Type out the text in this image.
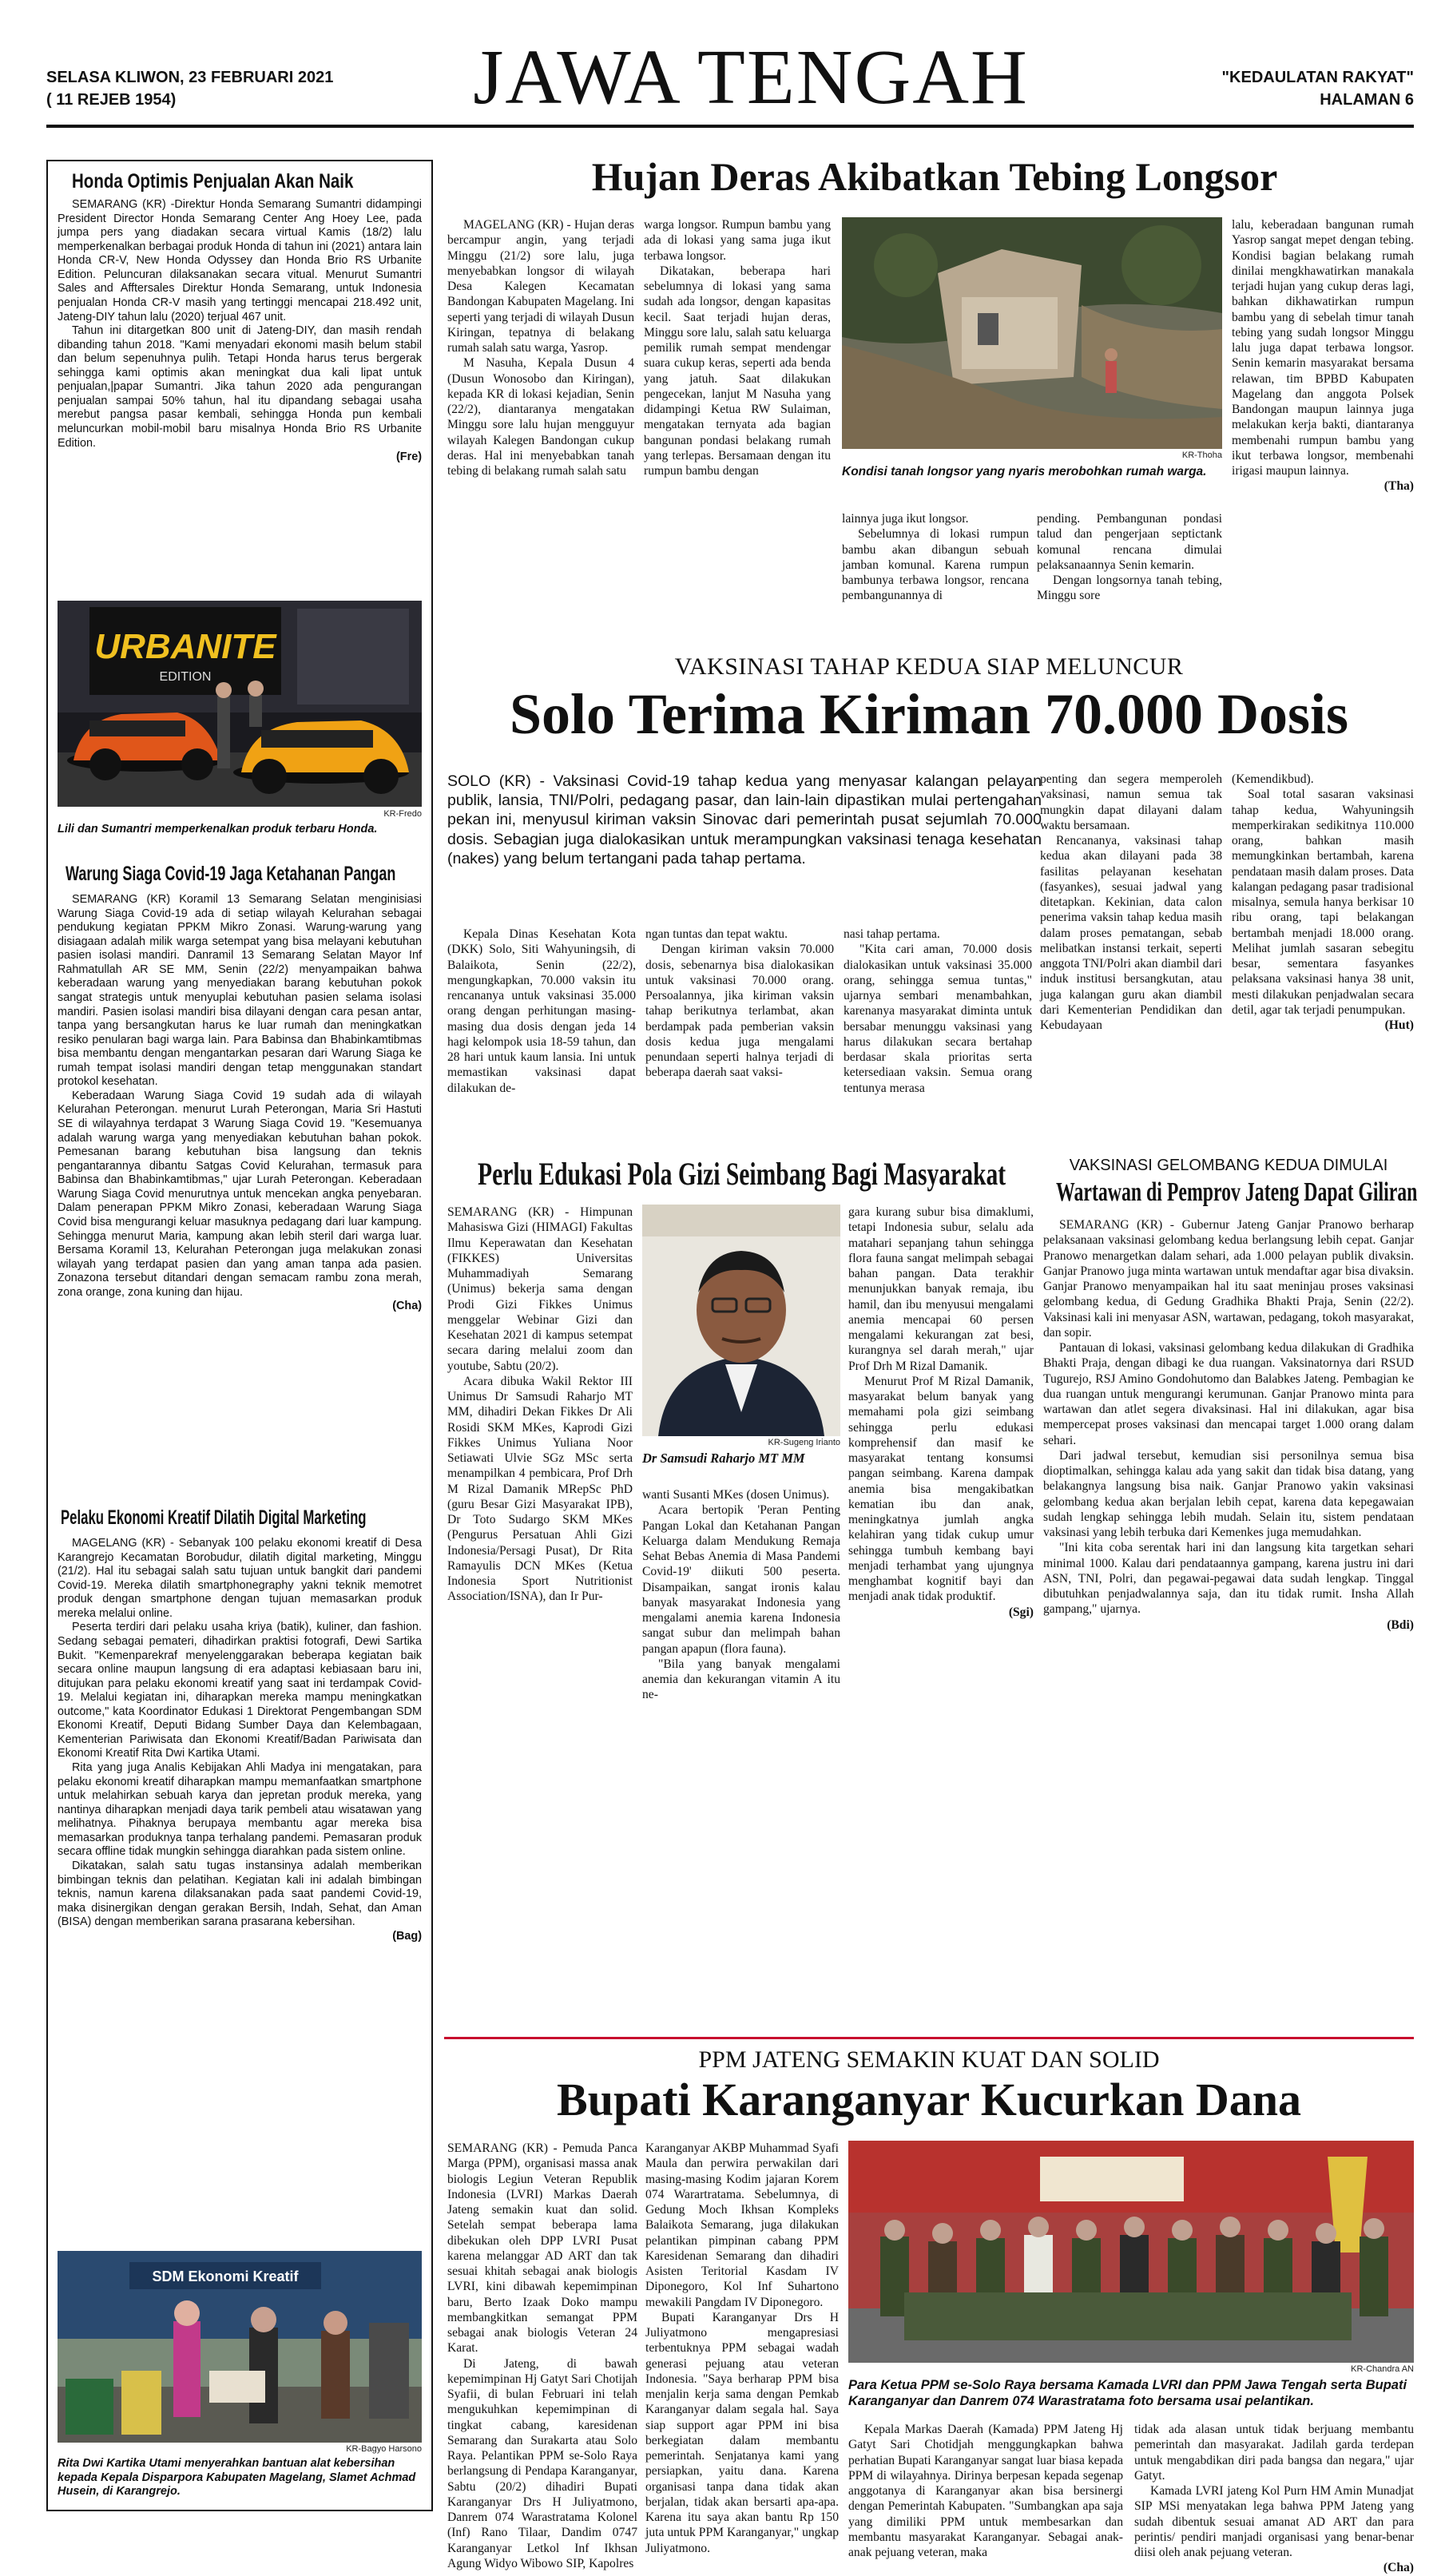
SELASA KLIWON, 23 FEBRUARI 2021
( 11 REJEB 1954)	JAWA TENGAH	"KEDAULATAN RAKYAT"
HALAMAN 6
Honda Optimis Penjualan Akan Naik

SEMARANG (KR) -Direktur Honda Semarang Sumantri didampingi President Director Honda Semarang Center Ang Hoey Lee, pada jumpa pers yang diadakan secara virtual Kamis (18/2) lalu memperkenalkan berbagai produk Honda di tahun ini (2021) antara lain Honda CR-V, New Honda Odyssey dan Honda Brio RS Urbanite Edition. Peluncuran dilaksanakan secara vitual. Menurut Sumantri Sales and Afftersales Direktur Honda Semarang, untuk Indonesia penjualan Honda CR-V masih yang tertinggi mencapai 218.492 unit, Jateng-DIY tahun lalu (2020) terjual 467 unit.

Tahun ini ditargetkan 800 unit di Jateng-DIY, dan masih rendah dibanding tahun 2018. "Kami menyadari ekonomi masih belum stabil dan belum sepenuhnya pulih. Tetapi Honda harus terus bergerak sehingga kami optimis akan meningkat dua kali lipat untuk penjualan,|papar Sumantri. Jika tahun 2020 ada pengurangan penjualan sampai 50% tahun, hal itu dipandang sebagai usaha merebut pangsa pasar kembali, sehingga Honda pun kembali meluncurkan mobil-mobil baru misalnya Honda Brio RS Urbanite Edition.

(Fre)
URBANITE
EDITION
KR-Fredo
Lili dan Sumantri memperkenalkan produk terbaru Honda.
Warung Siaga Covid-19 Jaga Ketahanan Pangan

SEMARANG (KR) Koramil 13 Semarang Selatan menginisiasi Warung Siaga Covid-19 ada di setiap wilayah Kelurahan sebagai pendukung kegiatan PPKM Mikro Zonasi. Warung-warung yang disiagaan adalah milik warga setempat yang bisa melayani kebutuhan pasien isolasi mandiri. Danramil 13 Semarang Selatan Mayor Inf Rahmatullah AR SE MM, Senin (22/2) menyampaikan bahwa keberadaan warung yang menyediakan barang kebutuhan pokok sangat strategis untuk menyuplai kebutuhan pasien selama isolasi mandiri. Pasien isolasi mandiri bisa dilayani dengan cara pesan antar, tanpa yang bersangkutan harus ke luar rumah dan meningkatkan resiko penularan bagi warga lain. Para Babinsa dan Bhabinkamtibmas bisa membantu dengan mengantarkan pesaran dari Warung Siaga ke rumah tempat isolasi mandiri dengan tetap menggunakan standart protokol kesehatan.

Keberadaan Warung Siaga Covid 19 sudah ada di wilayah Kelurahan Peterongan. menurut Lurah Peterongan, Maria Sri Hastuti SE di wilayahnya terdapat 3 Warung Siaga Covid 19. "Kesemuanya adalah warung warga yang menyediakan kebutuhan bahan pokok. Pemesanan barang kebutuhan bisa langsung dan teknis pengantarannya dibantu Satgas Covid Kelurahan, termasuk para Babinsa dan Bhabinkamtibmas," ujar Lurah Peterongan. Keberadaan Warung Siaga Covid menurutnya untuk mencekan angka penyebaran. Dalam penerapan PPKM Mikro Zonasi, keberadaan Warung Siaga Covid bisa mengurangi keluar masuknya pedagang dari luar kampung. Sehingga menurut Maria, kampung akan lebih steril dari warga luar. Bersama Koramil 13, Kelurahan Peterongan juga melakukan zonasi wilayah yang terdapat pasien dan yang aman tanpa ada pasien. Zonazona tersebut ditandari dengan semacam rambu zona merah, zona orange, zona kuning dan hijau.

(Cha)
Pelaku Ekonomi Kreatif Dilatih Digital Marketing

MAGELANG (KR) - Sebanyak 100 pelaku ekonomi kreatif di Desa Karangrejo Kecamatan Borobudur, dilatih digital marketing, Minggu (21/2). Hal itu sebagai salah satu tujuan untuk bangkit dari pandemi Covid-19. Mereka dilatih smartphonegraphy yakni teknik memotret produk dengan smartphone dengan tujuan memasarkan produk mereka melalui online.

Peserta terdiri dari pelaku usaha kriya (batik), kuliner, dan fashion. Sedang sebagai pemateri, dihadirkan praktisi fotografi, Dewi Sartika Bukit. "Kemenparekraf menyelenggarakan beberapa kegiatan baik secara online maupun langsung di era adaptasi kebiasaan baru ini, ditujukan para pelaku ekonomi kreatif yang saat ini terdampak Covid-19. Melalui kegiatan ini, diharapkan mereka mampu meningkatkan outcome," kata Koordinator Edukasi 1 Direktorat Pengembangan SDM Ekonomi Kreatif, Deputi Bidang Sumber Daya dan Kelembagaan, Kementerian Pariwisata dan Ekonomi Kreatif/Badan Pariwisata dan Ekonomi Kreatif Rita Dwi Kartika Utami.

Rita yang juga Analis Kebijakan Ahli Madya ini mengatakan, para pelaku ekonomi kreatif diharapkan mampu memanfaatkan smartphone untuk melahirkan sebuah karya dan jepretan produk mereka, yang nantinya diharapkan menjadi daya tarik pembeli atau wisatawan yang melihatnya. Pihaknya berupaya membantu agar mereka bisa memasarkan produknya tanpa terhalang pandemi. Pemasaran produk secara offline tidak mungkin sehingga diarahkan pada sistem online.

Dikatakan, salah satu tugas instansinya adalah memberikan bimbingan teknis dan pelatihan. Kegiatan kali ini adalah bimbingan teknis, namun karena dilaksanakan pada saat pandemi Covid-19, maka disinergikan dengan gerakan Bersih, Indah, Sehat, dan Aman (BISA) dengan memberikan sarana prasarana kebersihan.

(Bag)
SDM Ekonomi Kreatif
KR-Bagyo Harsono
Rita Dwi Kartika Utami menyerahkan bantuan alat kebersihan kepada Kepala Disparpora Kabupaten Magelang, Slamet Achmad Husein, di Karangrejo.
Hujan Deras Akibatkan Tebing Longsor

MAGELANG (KR) - Hujan deras bercampur angin, yang terjadi Minggu (21/2) sore lalu, juga menyebabkan longsor di wilayah Desa Kalegen Kecamatan Bandongan Kabupaten Magelang. Ini seperti yang terjadi di wilayah Dusun Kiringan, tepatnya di belakang rumah salah satu warga, Yasrop.

M Nasuha, Kepala Dusun 4 (Dusun Wonosobo dan Kiringan), kepada KR di lokasi kejadian, Senin (22/2), diantaranya mengatakan Minggu sore lalu hujan mengguyur wilayah Kalegen Bandongan cukup deras. Hal ini menyebabkan tanah tebing di belakang rumah salah satu

warga longsor. Rumpun bambu yang ada di lokasi yang sama juga ikut terbawa longsor.

Dikatakan, beberapa hari sebelumnya di lokasi yang sama sudah ada longsor, dengan kapasitas kecil. Saat terjadi hujan deras, Minggu sore lalu, salah satu keluarga pemilik rumah sempat mendengar suara cukup keras, seperti ada benda yang jatuh. Saat dilakukan pengecekan, lanjut M Nasuha yang didampingi Ketua RW Sulaiman, mengatakan ternyata ada bagian bangunan pondasi belakang rumah yang terlepas. Bersamaan dengan itu rumpun bambu dengan

KR-Thoha
Kondisi tanah longsor yang nyaris merobohkan rumah warga.

lainnya juga ikut longsor.

Sebelumnya di lokasi rumpun bambu akan dibangun sebuah jamban komunal. Karena rumpun bambunya terbawa longsor, rencana pembangunannya di

pending. Pembangunan pondasi talud dan pengerjaan septictank komunal rencana dimulai pelaksanaannya Senin kemarin.

Dengan longsornya tanah tebing, Minggu sore

lalu, keberadaan bangunan rumah Yasrop sangat mepet dengan tebing. Kondisi bagian belakang rumah dinilai mengkhawatirkan manakala terjadi hujan yang cukup deras lagi, bahkan dikhawatirkan rumpun bambu yang di sebelah timur tanah tebing yang sudah longsor Minggu lalu juga dapat terbawa longsor. Senin kemarin masyarakat bersama relawan, tim BPBD Kabupaten Magelang dan anggota Polsek Bandongan maupun lainnya juga melakukan kerja bakti, diantaranya membenahi rumpun bambu yang ikut terbawa longsor, membenahi irigasi maupun lainnya.

(Tha)
VAKSINASI TAHAP KEDUA SIAP MELUNCUR
Solo Terima Kiriman 70.000 Dosis
SOLO (KR) - Vaksinasi Covid-19 tahap kedua yang menyasar kalangan pelayan publik, lansia, TNI/Polri, pedagang pasar, dan lain-lain dipastikan mulai pertengahan pekan ini, menyusul kiriman vaksin Sinovac dari pemerintah pusat sejumlah 70.000 dosis. Sebagian juga dialokasikan untuk merampungkan vaksinasi tenaga kesehatan (nakes) yang belum tertangani pada tahap pertama.

Kepala Dinas Kesehatan Kota (DKK) Solo, Siti Wahyuningsih, di Balaikota, Senin (22/2), mengungkapkan, 70.000 vaksin itu rencananya untuk vaksinasi 35.000 orang dengan perhitungan masing-masing dua dosis dengan jeda 14 hagi kelompok usia 18-59 tahun, dan 28 hari untuk kaum lansia. Ini untuk memastikan vaksinasi dapat dilakukan de-

ngan tuntas dan tepat waktu.

Dengan kiriman vaksin 70.000 dosis, sebenarnya bisa dialokasikan untuk vaksinasi 70.000 orang. Persoalannya, jika kiriman vaksin tahap berikutnya terlambat, akan berdampak pada pemberian vaksin dosis kedua juga mengalami penundaan seperti halnya terjadi di beberapa daerah saat vaksi-

nasi tahap pertama.

"Kita cari aman, 70.000 dosis dialokasikan untuk vaksinasi 35.000 orang, sehingga semua tuntas," ujarnya sembari menambahkan, karenanya masyarakat diminta untuk bersabar menunggu vaksinasi yang harus dilakukan secara bertahap berdasar skala prioritas serta ketersediaan vaksin. Semua orang tentunya merasa

penting dan segera memperoleh vaksinasi, namun semua tak mungkin dapat dilayani dalam waktu bersamaan.

Rencananya, vaksinasi tahap kedua akan dilayani pada 38 fasilitas pelayanan kesehatan (fasyankes), sesuai jadwal yang ditetapkan. Kekinian, data calon penerima vaksin tahap kedua masih dalam proses pematangan, sebab melibatkan instansi terkait, seperti anggota TNI/Polri akan diambil dari induk institusi bersangkutan, atau juga kalangan guru akan diambil dari Kementerian Pendidikan dan Kebudayaan

(Kemendikbud).

Soal total sasaran vaksinasi tahap kedua, Wahyuningsih memperkirakan sedikitnya 110.000 orang, bahkan masih memungkinkan bertambah, karena pendataan masih dalam proses. Data kalangan pedagang pasar tradisional misalnya, semula hanya berkisar 10 ribu orang, tapi belakangan bertambah menjadi 18.000 orang. Melihat jumlah sasaran sebegitu besar, sementara fasyankes pelaksana vaksinasi hanya 38 unit, mesti dilakukan penjadwalan secara detil, agar tak terjadi penumpukan.

(Hut)
Perlu Edukasi Pola Gizi Seimbang Bagi Masyarakat

SEMARANG (KR) - Himpunan Mahasiswa Gizi (HIMAGI) Fakultas Ilmu Keperawatan dan Kesehatan (FIKKES) Universitas Muhammadiyah Semarang (Unimus) bekerja sama dengan Prodi Gizi Fikkes Unimus menggelar Webinar Gizi dan Kesehatan 2021 di kampus setempat secara daring melalui zoom dan youtube, Sabtu (20/2).

Acara dibuka Wakil Rektor III Unimus Dr Samsudi Raharjo MT MM, dihadiri Dekan Fikkes Dr Ali Rosidi SKM MKes, Kaprodi Gizi Fikkes Unimus Yuliana Noor Setiawati Ulvie SGz MSc serta menampilkan 4 pembicara, Prof Drh M Rizal Damanik MRepSc PhD (guru Besar Gizi Masyarakat IPB), Dr Toto Sudargo SKM MKes (Pengurus Persatuan Ahli Gizi Indonesia/Persagi Pusat), Dr Rita Ramayulis DCN MKes (Ketua Indonesia Sport Nutritionist Association/ISNA), dan Ir Pur-

KR-Sugeng Irianto
Dr Samsudi Raharjo MT MM

wanti Susanti MKes (dosen Unimus).

Acara bertopik 'Peran Penting Pangan Lokal dan Ketahanan Pangan Keluarga dalam Mendukung Remaja Sehat Bebas Anemia di Masa Pandemi Covid-19' diikuti 500 peserta. Disampaikan, sangat ironis kalau banyak masyarakat Indonesia yang mengalami anemia karena Indonesia sangat subur dan melimpah bahan pangan apapun (flora fauna).

"Bila yang banyak mengalami anemia dan kekurangan vitamin A itu ne-

gara kurang subur bisa dimaklumi, tetapi Indonesia subur, selalu ada matahari sepanjang tahun sehingga flora fauna sangat melimpah sebagai bahan pangan. Data terakhir menunjukkan banyak remaja, ibu hamil, dan ibu menyusui mengalami anemia mencapai 60 persen mengalami kekurangan zat besi, kurangnya sel darah merah," ujar Prof Drh M Rizal Damanik.

Menurut Prof M Rizal Damanik, masyarakat belum banyak yang memahami pola gizi seimbang sehingga perlu edukasi komprehensif dan masif ke masyarakat tentang konsumsi pangan seimbang. Karena dampak anemia bisa mengakibatkan kematian ibu dan anak, meningkatnya jumlah angka kelahiran yang tidak cukup umur sehingga tumbuh kembang bayi menjadi terhambat yang ujungnya menghambat kognitif bayi dan menjadi anak tidak produktif.

(Sgi)
VAKSINASI GELOMBANG KEDUA DIMULAI
Wartawan di Pemprov Jateng Dapat Giliran

SEMARANG (KR) - Gubernur Jateng Ganjar Pranowo berharap pelaksanaan vaksinasi gelombang kedua berlangsung lebih cepat. Ganjar Pranowo menargetkan dalam sehari, ada 1.000 pelayan publik divaksin. Ganjar Pranowo juga minta wartawan untuk mendaftar agar bisa divaksin. Ganjar Pranowo menyampaikan hal itu saat meninjau proses vaksinasi gelombang kedua, di Gedung Gradhika Bhakti Praja, Senin (22/2). Vaksinasi kali ini menyasar ASN, wartawan, pedagang, tokoh masyarakat, dan sopir.

Pantauan di lokasi, vaksinasi gelombang kedua dilakukan di Gradhika Bhakti Praja, dengan dibagi ke dua ruangan. Vaksinatornya dari RSUD Tugurejo, RSJ Amino Gondohutomo dan Balabkes Jateng. Pembagian ke dua ruangan untuk mengurangi kerumunan. Ganjar Pranowo minta para wartawan dan atlet segera divaksinasi. Hal ini dilakukan, agar bisa mempercepat proses vaksinasi dan mencapai target 1.000 orang dalam sehari.

Dari jadwal tersebut, kemudian sisi personilnya semua bisa dioptimalkan, sehingga kalau ada yang sakit dan tidak bisa datang, yang belakangnya langsung bisa naik. Ganjar Pranowo yakin vaksinasi gelombang kedua akan berjalan lebih cepat, karena data kepegawaian sudah lengkap sehingga lebih mudah. Selain itu, sistem pendataan vaksinasi yang lebih terbuka dari Kemenkes juga memudahkan.

"Ini kita coba serentak hari ini dan langsung kita targetkan sehari minimal 1000. Kalau dari pendataannya gampang, karena justru ini dari ASN, TNI, Polri, dan pegawai-pegawai data sudah lengkap. Tinggal dibutuhkan penjadwalannya saja, dan itu tidak rumit. Insha Allah gampang," ujarnya.

(Bdi)
PPM JATENG SEMAKIN KUAT DAN SOLID
Bupati Karanganyar Kucurkan Dana

SEMARANG (KR) - Pemuda Panca Marga (PPM), organisasi massa anak biologis Legiun Veteran Republik Indonesia (LVRI) Markas Daerah Jateng semakin kuat dan solid. Setelah sempat beberapa lama dibekukan oleh DPP LVRI Pusat karena melanggar AD ART dan tak sesuai khitah sebagai anak biologis LVRI, kini dibawah kepemimpinan baru, Berto Izaak Doko mampu membangkitkan semangat PPM sebagai anak biologis Veteran 24 Karat.

Di Jateng, di bawah kepemimpinan Hj Gatyt Sari Chotijah Syafii, di bulan Februari ini telah mengukuhkan kepemimpinan di tingkat cabang, karesidenan Semarang dan Surakarta atau Solo Raya. Pelantikan PPM se-Solo Raya berlangsung di Pendapa Karanganyar, Sabtu (20/2) dihadiri Bupati Karanganyar Drs H Juliyatmono, Danrem 074 Warastratama Kolonel (Inf) Rano Tilaar, Dandim 0747 Karanganyar Letkol Inf Ikhsan Agung Widyo Wibowo SIP, Kapolres

Karanganyar AKBP Muhammad Syafi Maula dan perwira perwakilan dari masing-masing Kodim jajaran Korem 074 Warartratama. Sebelumnya, di Gedung Moch Ikhsan Kompleks Balaikota Semarang, juga dilakukan pelantikan pimpinan cabang PPM Karesidenan Semarang dan dihadiri Asisten Teritorial Kasdam IV Diponegoro, Kol Inf Suhartono mewakili Pangdam IV Diponegoro.

Bupati Karanganyar Drs H Juliyatmono mengapresiasi terbentuknya PPM sebagai wadah generasi pejuang atau veteran Indonesia. "Saya berharap PPM bisa menjalin kerja sama dengan Pemkab Karanganyar dalam segala hal. Saya siap support agar PPM ini bisa berkegiatan dalam membantu pemerintah. Senjatanya kami yang persiapkan, yaitu dana. Karena organisasi tanpa dana tidak akan berjalan, tidak akan bersarti apa-apa. Karena itu saya akan bantu Rp 150 juta untuk PPM Karanganyar," ungkap Juliyatmono.

KR-Chandra AN
Para Ketua PPM se-Solo Raya bersama Kamada LVRI dan PPM Jawa Tengah serta Bupati Karanganyar dan Danrem 074 Warastratama foto bersama usai pelantikan.

Kepala Markas Daerah (Kamada) PPM Jateng Hj Gatyt Sari Chotidjah menggungkapkan bahwa perhatian Bupati Karanganyar sangat luar biasa kepada PPM di wilayahnya. Dirinya berpesan kepada segenap anggotanya di Karanganyar akan bisa bersinergi dengan Pemerintah Kabupaten. "Sumbangkan apa saja yang dimiliki PPM untuk membesarkan dan membantu masyarakat Karanganyar. Sebagai anak-anak pejuang veteran, maka

tidak ada alasan untuk tidak berjuang membantu pemerintah dan masyarakat. Jadilah garda terdepan untuk mengabdikan diri pada bangsa dan negara," ujar Gatyt.

Kamada LVRI jateng Kol Purn HM Amin Munadjat SIP MSi menyatakan lega bahwa PPM Jateng yang sudah dibentuk sesuai amanat AD ART dan para perintis/ pendiri manjadi organisasi yang benar-benar diisi oleh anak pejuang veteran.

(Cha)
